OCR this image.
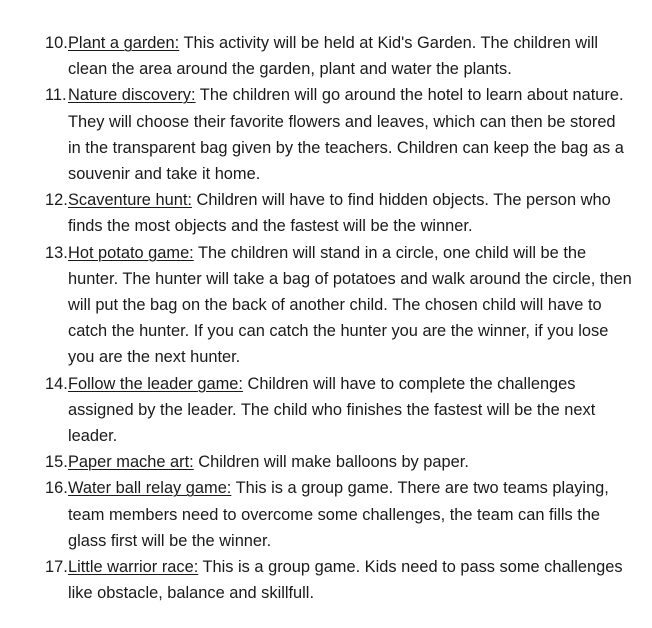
10. Plant a garden: This activity will be held at Kid's Garden. The children will clean the area around the garden, plant and water the plants.
11. Nature discovery: The children will go around the hotel to learn about nature. They will choose their favorite flowers and leaves, which can then be stored in the transparent bag given by the teachers. Children can keep the bag as a souvenir and take it home.
12. Scaventure hunt: Children will have to find hidden objects. The person who finds the most objects and the fastest will be the winner.
13. Hot potato game: The children will stand in a circle, one child will be the hunter. The hunter will take a bag of potatoes and walk around the circle, then will put the bag on the back of another child. The chosen child will have to catch the hunter. If you can catch the hunter you are the winner, if you lose you are the next hunter.
14. Follow the leader game: Children will have to complete the challenges assigned by the leader. The child who finishes the fastest will be the next leader.
15. Paper mache art: Children will make balloons by paper.
16. Water ball relay game: This is a group game. There are two teams playing, team members need to overcome some challenges, the team can fills the glass first will be the winner.
17. Little warrior race: This is a group game. Kids need to pass some challenges like obstacle, balance and skillfull.
